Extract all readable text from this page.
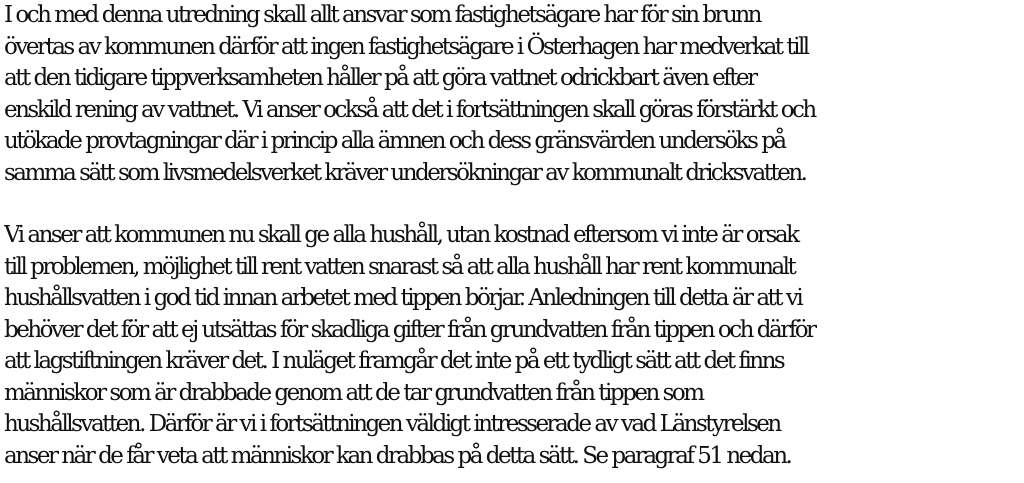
I och med denna utredning skall allt ansvar som fastighetsägare har för sin brunn
övertas av kommunen därför att ingen fastighetsägare i Österhagen har medverkat till
att den tidigare tippverksamheten håller på att göra vattnet odrickbart även efter
enskild rening av vattnet. Vi anser också att det i fortsättningen skall göras förstärkt och
utökade provtagningar där i princip alla ämnen och dess gränsvärden undersöks på
samma sätt som livsmedelsverket kräver undersökningar av kommunalt dricksvatten.
Vi anser att kommunen nu skall ge alla hushåll, utan kostnad eftersom vi inte är orsak
till problemen, möjlighet till rent vatten snarast så att alla hushåll har rent kommunalt
hushållsvatten i god tid innan arbetet med tippen börjar. Anledningen till detta är att vi
behöver det för att ej utsättas för skadliga gifter från grundvatten från tippen och därför
att lagstiftningen kräver det. I nuläget framgår det inte på ett tydligt sätt att det finns
människor som är drabbade genom att de tar grundvatten från tippen som
hushållsvatten. Därför är vi i fortsättningen väldigt intresserade av vad Länstyrelsen
anser när de får veta att människor kan drabbas på detta sätt. Se paragraf 51 nedan.
